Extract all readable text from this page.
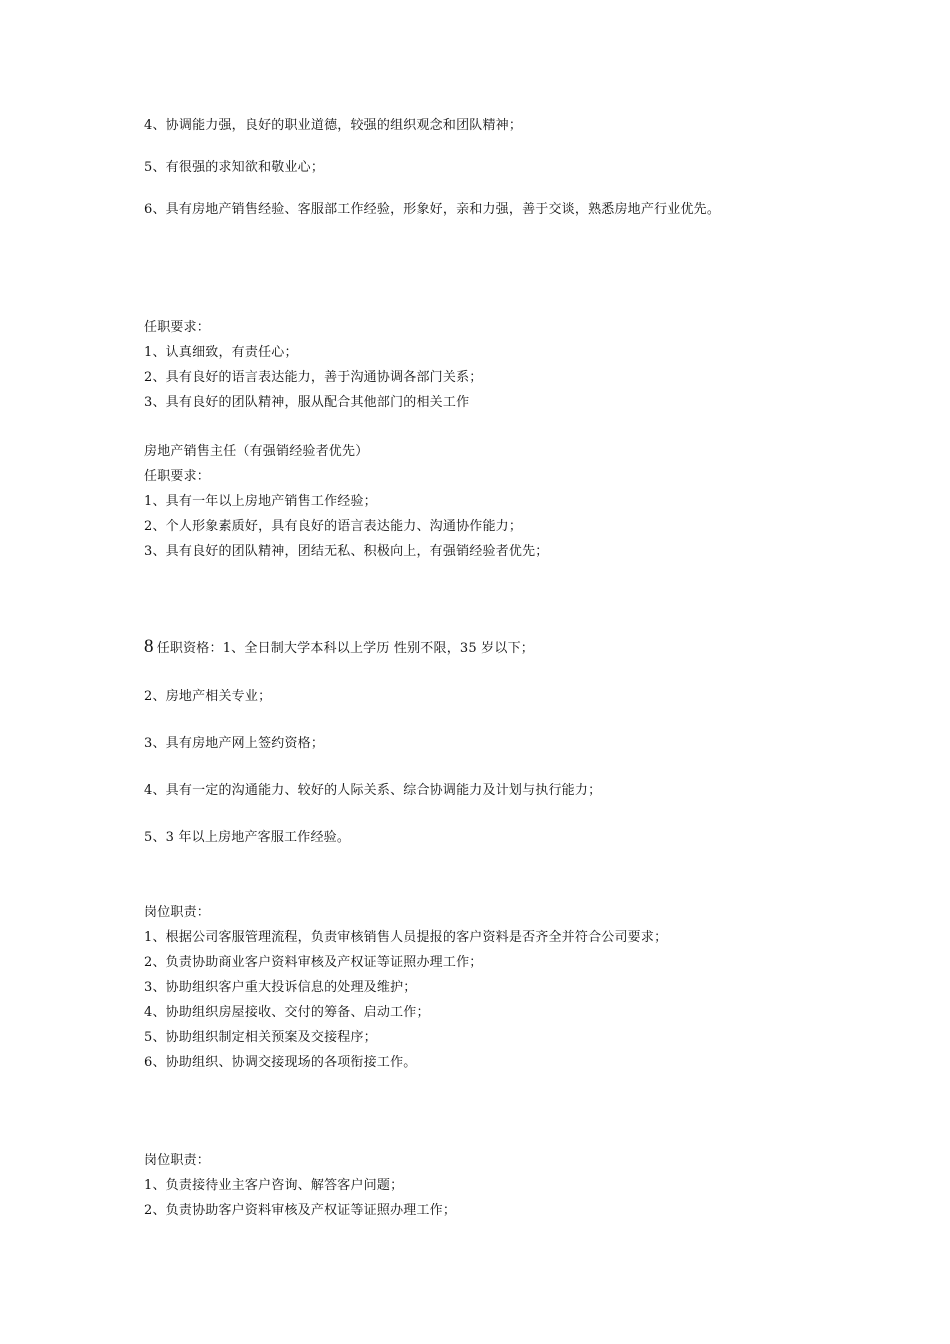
4、协调能力强，良好的职业道德，较强的组织观念和团队精神；
5、有很强的求知欲和敬业心；
6、具有房地产销售经验、客服部工作经验，形象好，亲和力强，善于交谈，熟悉房地产行业优先。
任职要求：
1、认真细致，有责任心；
2、具有良好的语言表达能力，善于沟通协调各部门关系；
3、具有良好的团队精神，服从配合其他部门的相关工作
房地产销售主任（有强销经验者优先）
任职要求：
1、具有一年以上房地产销售工作经验；
2、个人形象素质好，具有良好的语言表达能力、沟通协作能力；
3、具有良好的团队精神，团结无私、积极向上，有强销经验者优先；
8 任职资格：1、全日制大学本科以上学历 性别不限，35 岁以下；
2、房地产相关专业；
3、具有房地产网上签约资格；
4、具有一定的沟通能力、较好的人际关系、综合协调能力及计划与执行能力；
5、3 年以上房地产客服工作经验。
岗位职责：
1、根据公司客服管理流程，负责审核销售人员提报的客户资料是否齐全并符合公司要求；
2、负责协助商业客户资料审核及产权证等证照办理工作；
3、协助组织客户重大投诉信息的处理及维护；
4、协助组织房屋接收、交付的筹备、启动工作；
5、协助组织制定相关预案及交接程序；
6、协助组织、协调交接现场的各项衔接工作。
岗位职责：
1、负责接待业主客户咨询、解答客户问题；
2、负责协助客户资料审核及产权证等证照办理工作；
